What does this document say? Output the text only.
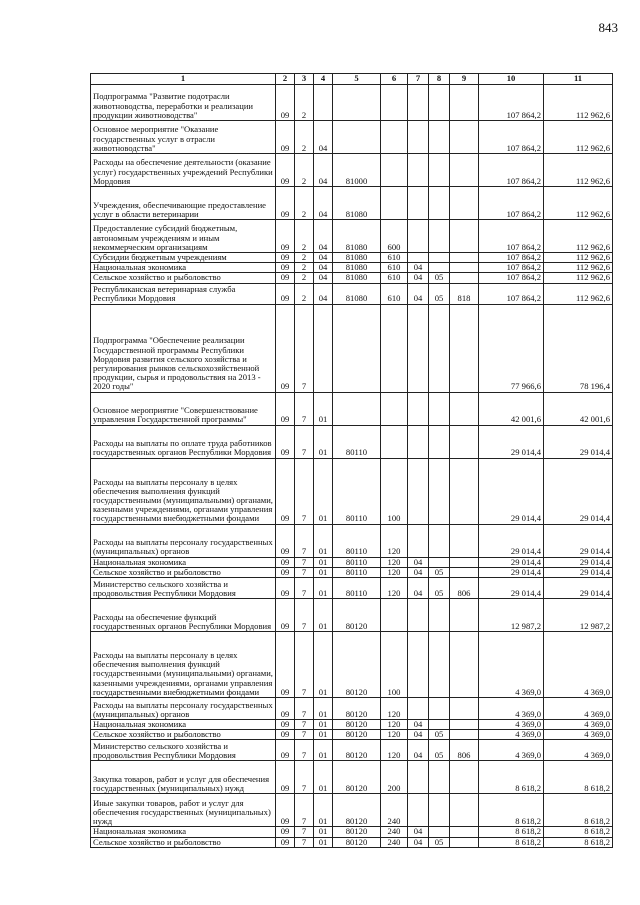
843
1	2	3	4	5	6	7	8	9	10	11
Подпрограмма "Развитие подотрасли животноводства, переработки и реализации продукции животноводства"	09	2							107 864,2	112 962,6
Основное мероприятие "Оказание государственных услуг в отрасли животноводства"	09	2	04						107 864,2	112 962,6
Расходы на обеспечение деятельности (оказание услуг) государственных учреждений Республики Мордовия	09	2	04	81000					107 864,2	112 962,6
Учреждения, обеспечивающие предоставление услуг в области ветеринарии	09	2	04	81080					107 864,2	112 962,6
Предоставление субсидий бюджетным, автономным учреждениям и иным некоммерческим организациям	09	2	04	81080	600				107 864,2	112 962,6
Субсидии бюджетным учреждениям	09	2	04	81080	610				107 864,2	112 962,6
Национальная экономика	09	2	04	81080	610	04			107 864,2	112 962,6
Сельское хозяйство и рыболовство	09	2	04	81080	610	04	05		107 864,2	112 962,6
Республиканская ветеринарная служба Республики Мордовия	09	2	04	81080	610	04	05	818	107 864,2	112 962,6
Подпрограмма "Обеспечение реализации Государственной программы Республики Мордовия развития сельского хозяйства и регулирования рынков сельскохозяйственной продукции, сырья и продовольствия на 2013 - 2020 годы"	09	7							77 966,6	78 196,4
Основное мероприятие "Совершенствование управления Государственной программы"	09	7	01						42 001,6	42 001,6
Расходы на выплаты по оплате труда работников государственных органов Республики Мордовия	09	7	01	80110					29 014,4	29 014,4
Расходы на выплаты персоналу в целях обеспечения выполнения функций государственными (муниципальными) органами, казенными учреждениями, органами управления государственными внебюджетными фондами	09	7	01	80110	100				29 014,4	29 014,4
Расходы на выплаты персоналу государственных (муниципальных) органов	09	7	01	80110	120				29 014,4	29 014,4
Национальная экономика	09	7	01	80110	120	04			29 014,4	29 014,4
Сельское хозяйство и рыболовство	09	7	01	80110	120	04	05		29 014,4	29 014,4
Министерство сельского хозяйства и продовольствия Республики Мордовия	09	7	01	80110	120	04	05	806	29 014,4	29 014,4
Расходы на обеспечение функций государственных органов Республики Мордовия	09	7	01	80120					12 987,2	12 987,2
Расходы на выплаты персоналу в целях обеспечения выполнения функций государственными (муниципальными) органами, казенными учреждениями, органами управления государственными внебюджетными фондами	09	7	01	80120	100				4 369,0	4 369,0
Расходы на выплаты персоналу государственных (муниципальных) органов	09	7	01	80120	120				4 369,0	4 369,0
Национальная экономика	09	7	01	80120	120	04			4 369,0	4 369,0
Сельское хозяйство и рыболовство	09	7	01	80120	120	04	05		4 369,0	4 369,0
Министерство сельского хозяйства и продовольствия Республики Мордовия	09	7	01	80120	120	04	05	806	4 369,0	4 369,0
Закупка товаров, работ и услуг для обеспечения государственных (муниципальных) нужд	09	7	01	80120	200				8 618,2	8 618,2
Иные закупки товаров, работ и услуг для обеспечения государственных (муниципальных) нужд	09	7	01	80120	240				8 618,2	8 618,2
Национальная экономика	09	7	01	80120	240	04			8 618,2	8 618,2
Сельское хозяйство и рыболовство	09	7	01	80120	240	04	05		8 618,2	8 618,2
